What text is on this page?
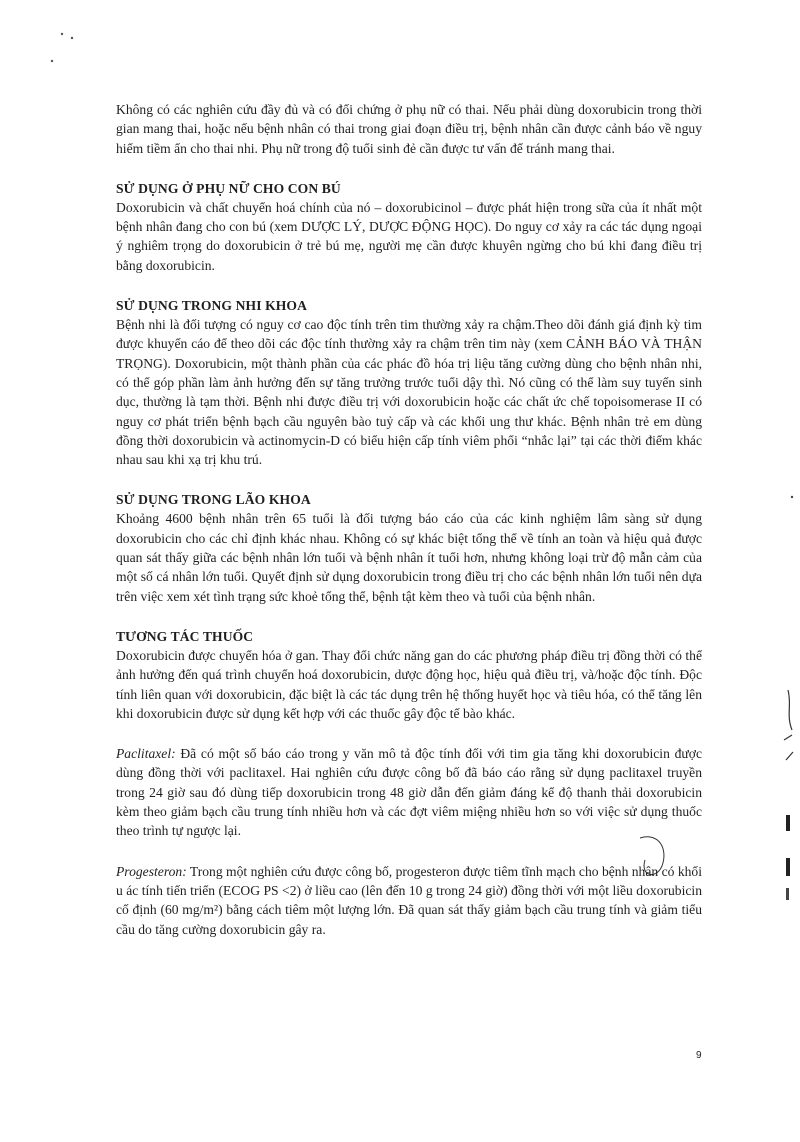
Không có các nghiên cứu đầy đủ và có đối chứng ở phụ nữ có thai. Nếu phải dùng doxorubicin trong thời gian mang thai, hoặc nếu bệnh nhân có thai trong giai đoạn điều trị, bệnh nhân cần được cảnh báo về nguy hiểm tiềm ẩn cho thai nhi. Phụ nữ trong độ tuổi sinh đẻ cần được tư vấn để tránh mang thai.

SỬ DỤNG Ở PHỤ NỮ CHO CON BÚ

Doxorubicin và chất chuyển hoá chính của nó – doxorubicinol – được phát hiện trong sữa của ít nhất một bệnh nhân đang cho con bú (xem DƯỢC LÝ, DƯỢC ĐỘNG HỌC). Do nguy cơ xảy ra các tác dụng ngoại ý nghiêm trọng do doxorubicin ở trẻ bú mẹ, người mẹ cần được khuyên ngừng cho bú khi đang điều trị bằng doxorubicin.

SỬ DỤNG TRONG NHI KHOA

Bệnh nhi là đối tượng có nguy cơ cao độc tính trên tim thường xảy ra chậm.Theo dõi đánh giá định kỳ tim được khuyến cáo để theo dõi các độc tính thường xảy ra chậm trên tim này (xem CẢNH BÁO VÀ THẬN TRỌNG). Doxorubicin, một thành phần của các phác đồ hóa trị liệu tăng cường dùng cho bệnh nhân nhi, có thể góp phần làm ảnh hưởng đến sự tăng trưởng trước tuổi dậy thì. Nó cũng có thể làm suy tuyến sinh dục, thường là tạm thời. Bệnh nhi được điều trị với doxorubicin hoặc các chất ức chế topoisomerase II có nguy cơ phát triển bệnh bạch cầu nguyên bào tuỷ cấp và các khối ung thư khác. Bệnh nhân trẻ em dùng đồng thời doxorubicin và actinomycin-D có biểu hiện cấp tính viêm phổi “nhắc lại” tại các thời điểm khác nhau sau khi xạ trị khu trú.

SỬ DỤNG TRONG LÃO KHOA

Khoảng 4600 bệnh nhân trên 65 tuổi là đối tượng báo cáo của các kinh nghiệm lâm sàng sử dụng doxorubicin cho các chỉ định khác nhau. Không có sự khác biệt tổng thể về tính an toàn và hiệu quả được quan sát thấy giữa các bệnh nhân lớn tuổi và bệnh nhân ít tuổi hơn, nhưng không loại trừ độ mẫn cảm của một số cá nhân lớn tuổi. Quyết định sử dụng doxorubicin trong điều trị cho các bệnh nhân lớn tuổi nên dựa trên việc xem xét tình trạng sức khoẻ tổng thể, bệnh tật kèm theo và tuổi của bệnh nhân.

TƯƠNG TÁC THUỐC

Doxorubicin được chuyển hóa ở gan. Thay đổi chức năng gan do các phương pháp điều trị đồng thời có thể ảnh hưởng đến quá trình chuyển hoá doxorubicin, dược động học, hiệu quả điều trị, và/hoặc độc tính. Độc tính liên quan với doxorubicin, đặc biệt là các tác dụng trên hệ thống huyết học và tiêu hóa, có thể tăng lên khi doxorubicin được sử dụng kết hợp với các thuốc gây độc tế bào khác.

Paclitaxel: Đã có một số báo cáo trong y văn mô tả độc tính đối với tim gia tăng khi doxorubicin được dùng đồng thời với paclitaxel. Hai nghiên cứu được công bố đã báo cáo rằng sử dụng paclitaxel truyền trong 24 giờ sau đó dùng tiếp doxorubicin trong 48 giờ dẫn đến giảm đáng kể độ thanh thải doxorubicin kèm theo giảm bạch cầu trung tính nhiều hơn và các đợt viêm miệng nhiều hơn so với việc sử dụng thuốc theo trình tự ngược lại.

Progesteron: Trong một nghiên cứu được công bố, progesteron được tiêm tĩnh mạch cho bệnh nhân có khối u ác tính tiến triển (ECOG PS <2) ở liều cao (lên đến 10 g trong 24 giờ) đồng thời với một liều doxorubicin cố định (60 mg/m²) bằng cách tiêm một lượng lớn. Đã quan sát thấy giảm bạch cầu trung tính và giảm tiểu cầu do tăng cường doxorubicin gây ra.

9
